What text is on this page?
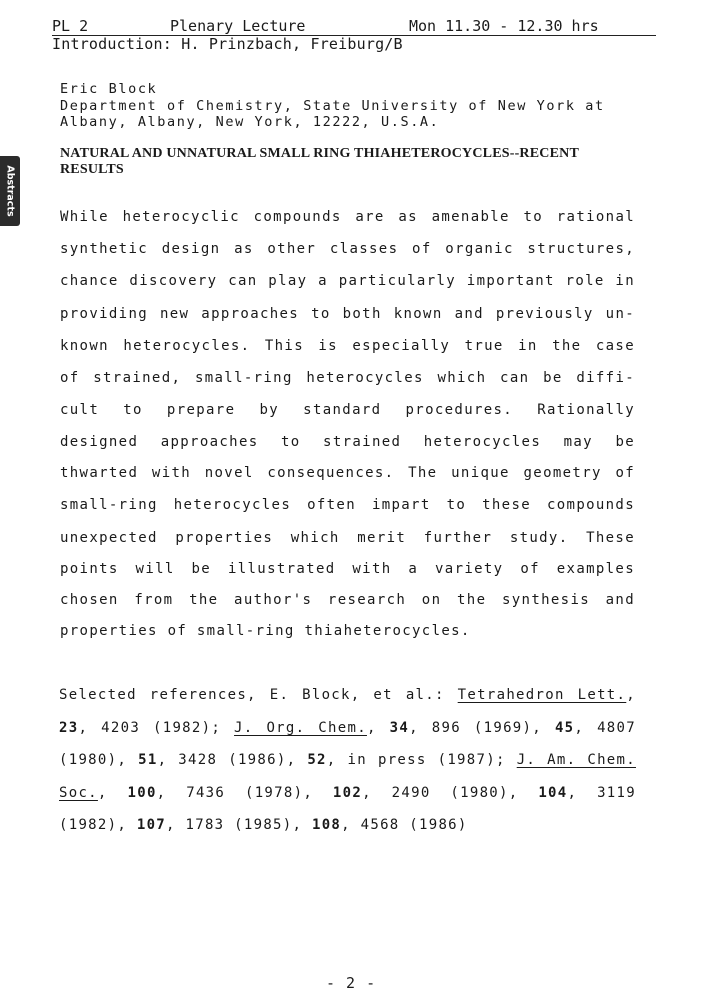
PL 2	Plenary Lecture	Mon 11.30 - 12.30 hrs
Introduction: H. Prinzbach, Freiburg/B
Abstracts
Eric Block
Department of Chemistry, State University of New York at
Albany, Albany, New York, 12222, U.S.A.
NATURAL AND UNNATURAL SMALL RING THIAHETEROCYCLES--RECENT RESULTS
While heterocyclic compounds are as amenable to rational
synthetic design as other classes of organic structures,
chance discovery can play a particularly important role in
providing new approaches to both known and previously un-
known heterocycles. This is especially true in the case
of strained, small-ring heterocycles which can be diffi-
cult to prepare by standard procedures. Rationally
designed approaches to strained heterocycles may be
thwarted with novel consequences. The unique geometry of
small-ring heterocycles often impart to these compounds
unexpected properties which merit further study. These
points will be illustrated with a variety of examples
chosen from the author's research on the synthesis and
properties of small-ring thiaheterocycles.
Selected references, E. Block, et al.: Tetrahedron Lett.,
23, 4203 (1982); J. Org. Chem., 34, 896 (1969), 45, 4807
(1980), 51, 3428 (1986), 52, in press (1987); J. Am. Chem.
Soc., 100, 7436 (1978), 102, 2490 (1980), 104, 3119
(1982), 107, 1783 (1985), 108, 4568 (1986)
- 2 -
